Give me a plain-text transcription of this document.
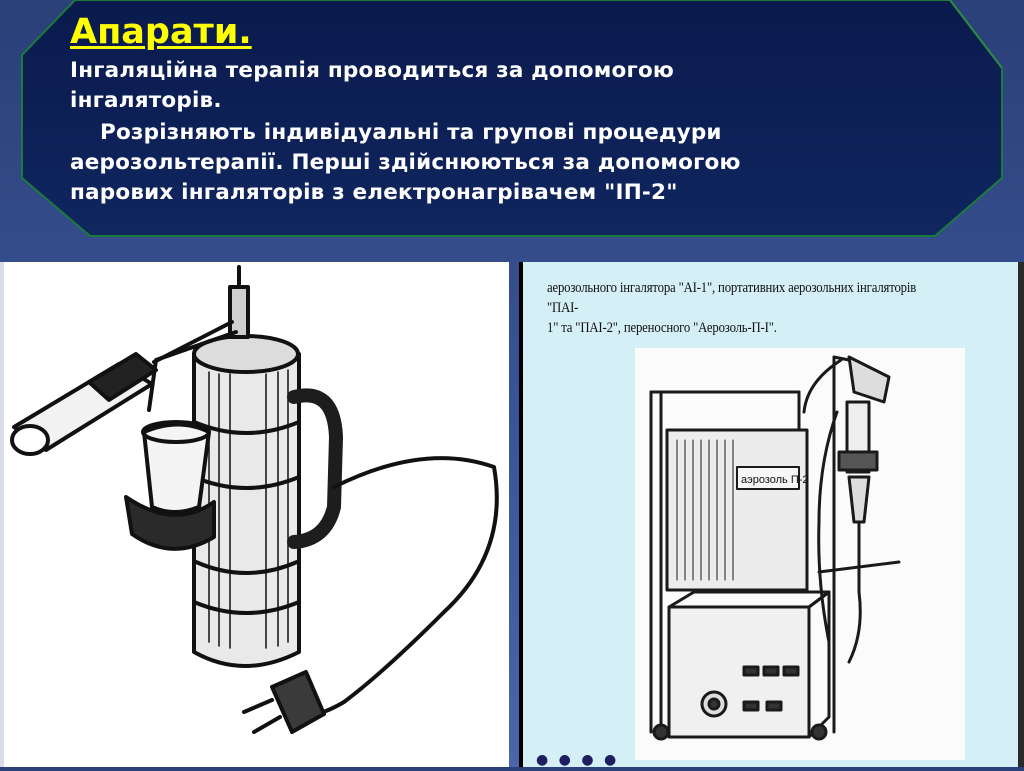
Апарати.

Інгаляційна терапія проводиться за допомогою

інгаляторів.

Розрізняють індивідуальні та групові процедури

аерозольтерапії. Перші здійснюються за допомогою

парових інгаляторів з електронагрівачем "ІП-2"

аерозольного інгалятора "АІ-1", портативних аерозольних інгаляторів "ПАІ-
1" та "ПАІ-2", переносного "Аерозоль-П-І".
аэрозоль П-2
● ● ● ●
